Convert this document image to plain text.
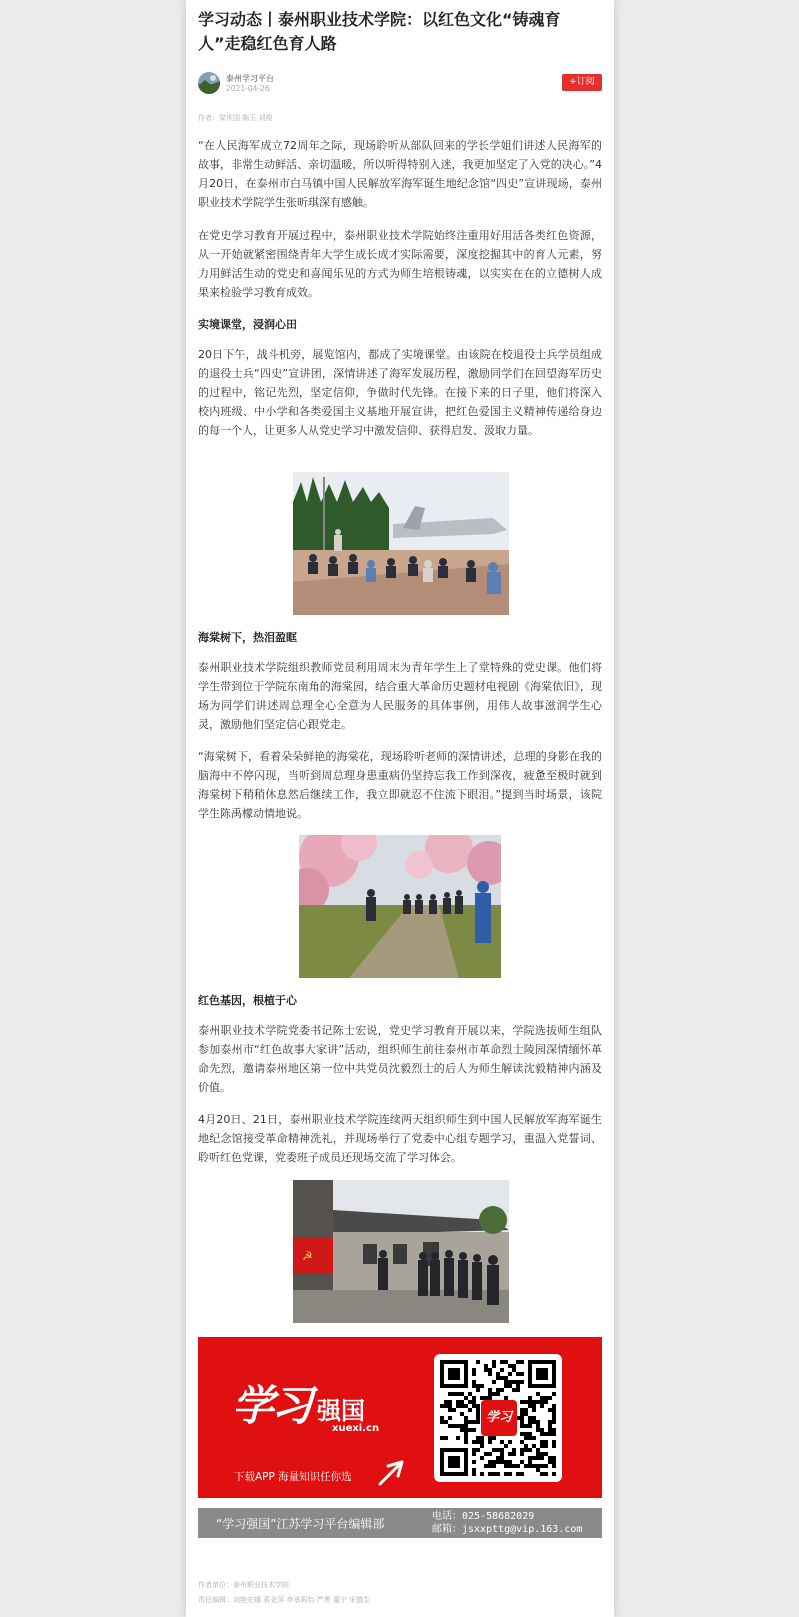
学习动态丨泰州职业技术学院：以红色文化“铸魂育人”走稳红色育人路
泰州学习平台
2021-04-26
+订阅
作者：梁庆国 陈玉 刘俊

“在人民海军成立72周年之际，现场聆听从部队回来的学长学姐们讲述人民海军的故事，非常生动鲜活、亲切温暖，所以听得特别入迷，我更加坚定了入党的决心。”4月20日，在泰州市白马镇中国人民解放军海军诞生地纪念馆“四史”宣讲现场，泰州职业技术学院学生张昕琪深有感触。

在党史学习教育开展过程中，泰州职业技术学院始终注重用好用活各类红色资源，从一开始就紧密围绕青年大学生成长成才实际需要，深度挖掘其中的育人元素，努力用鲜活生动的党史和喜闻乐见的方式为师生培根铸魂，以实实在在的立德树人成果来检验学习教育成效。

实境课堂，浸润心田

20日下午，战斗机旁，展览馆内，都成了实境课堂。由该院在校退役士兵学员组成的退役士兵“四史”宣讲团，深情讲述了海军发展历程，激励同学们在回望海军历史的过程中，铭记先烈，坚定信仰，争做时代先锋。在接下来的日子里，他们将深入校内班级、中小学和各类爱国主义基地开展宣讲，把红色爱国主义精神传递给身边的每一个人，让更多人从党史学习中激发信仰、获得启发、汲取力量。

海棠树下，热泪盈眶

泰州职业技术学院组织教师党员利用周末为青年学生上了堂特殊的党史课。他们将学生带到位于学院东南角的海棠园，结合重大革命历史题材电视剧《海棠依旧》，现场为同学们讲述周总理全心全意为人民服务的具体事例，用伟人故事滋润学生心灵，激励他们坚定信心跟党走。

“海棠树下，看着朵朵鲜艳的海棠花，现场聆听老师的深情讲述，总理的身影在我的脑海中不停闪现，当听到周总理身患重病仍坚持忘我工作到深夜，疲惫至极时就到海棠树下稍稍休息然后继续工作，我立即就忍不住流下眼泪。”提到当时场景，该院学生陈禹檬动情地说。

红色基因，根植于心

泰州职业技术学院党委书记陈士宏说，党史学习教育开展以来，学院选拔师生组队参加泰州市“红色故事大家讲”活动，组织师生前往泰州市革命烈士陵园深情缅怀革命先烈，邀请泰州地区第一位中共党员沈毅烈士的后人为师生解读沈毅精神内涵及价值。

4月20日、21日，泰州职业技术学院连续两天组织师生到中国人民解放军海军诞生地纪念馆接受革命精神洗礼，并现场举行了党委中心组专题学习，重温入党誓词、聆听红色党课，党委班子成员还现场交流了学习体会。

☭
学习 强国
xuexi.cn
下载APP 海量知识任你选
学习
“学习强国”江苏学习平台编辑部
电话：025-58682029
邮箱：jsxxpttg@vip.163.com
作者单位：泰州职业技术学院
责任编辑：刘艳宏娜 蒋业萍 李承莉怡 严勇 董宁 宋德生
